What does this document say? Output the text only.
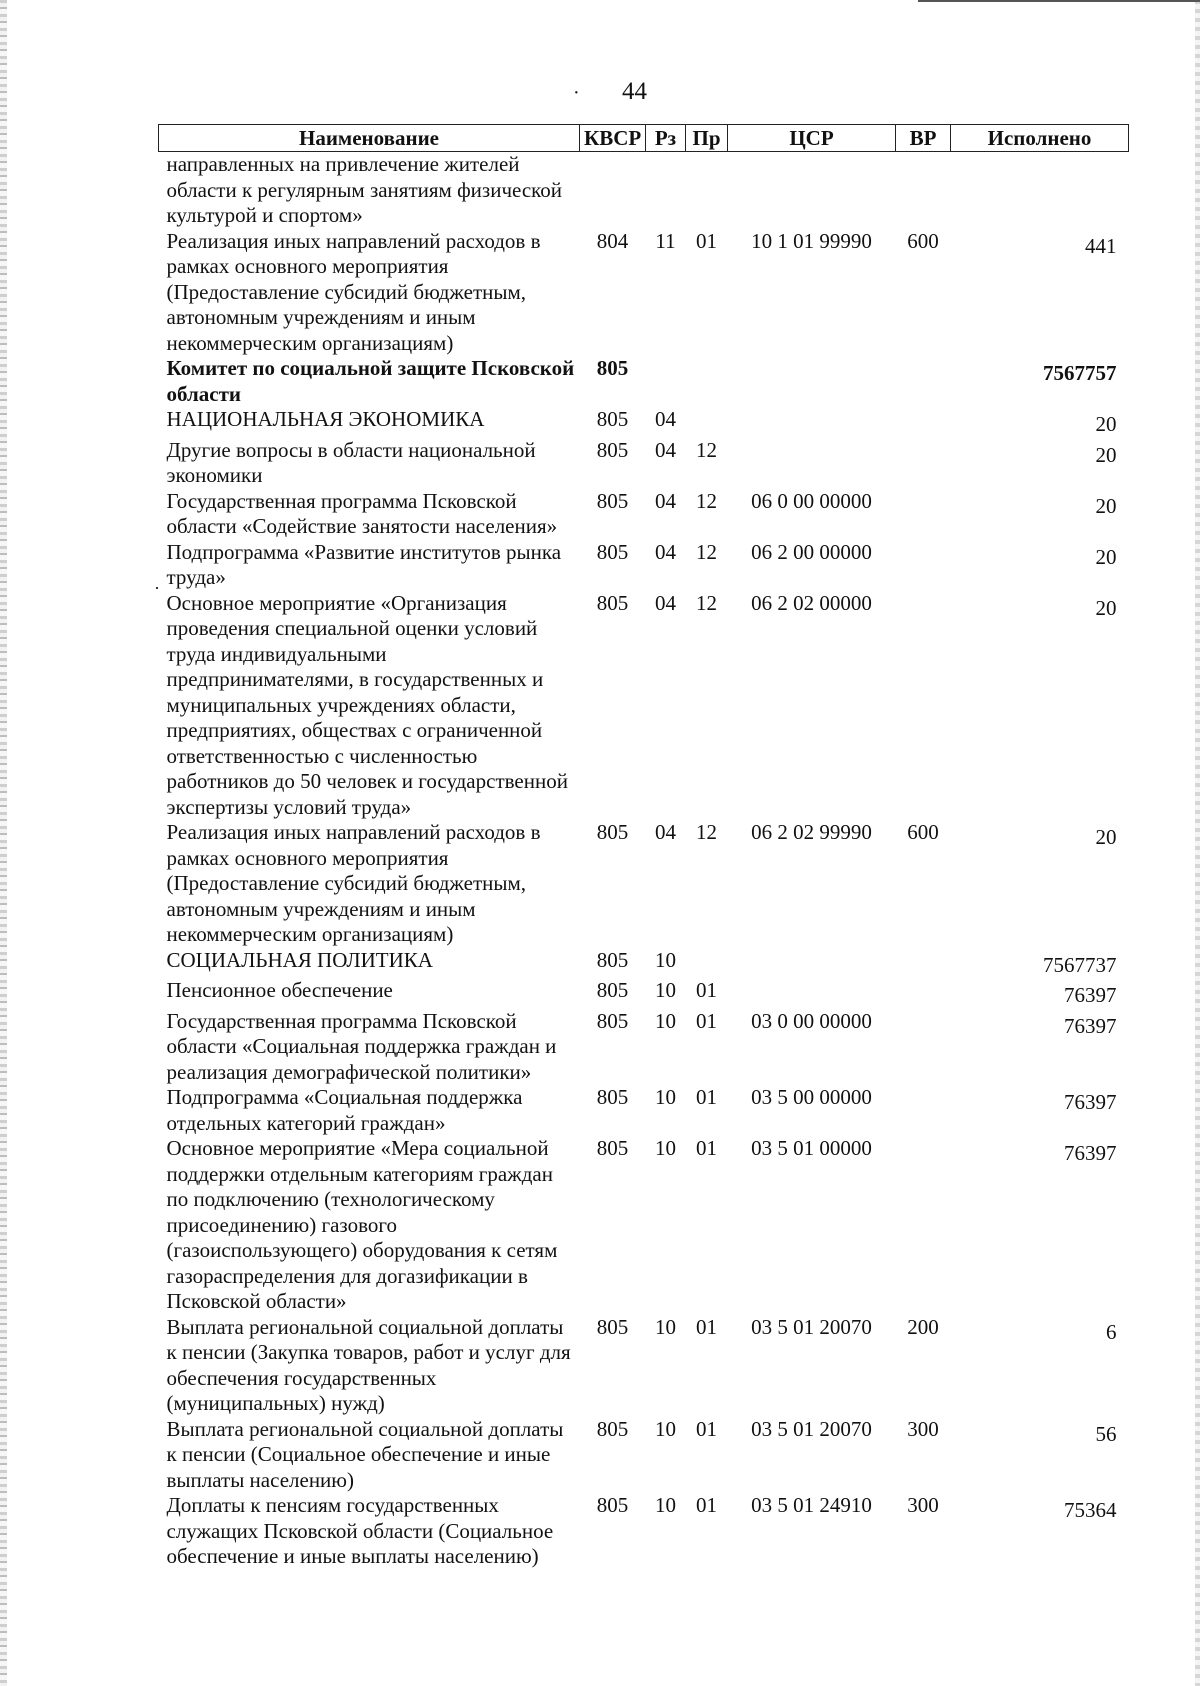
· 44
·
Наименование	КВСР	Рз	Пр	ЦСР	ВР	Исполнено
направленных на привлечение жителей области к регулярным занятиям физической культурой и спортом»						
Реализация иных направлений расходов в рамках основного мероприятия (Предоставление субсидий бюджетным, автономным учреждениям и иным некоммерческим организациям)	804	11	01	10 1 01 99990	600	441
Комитет по социальной защите Псковской области	805					7567757
НАЦИОНАЛЬНАЯ ЭКОНОМИКА	805	04				20
Другие вопросы в области национальной экономики	805	04	12			20
Государственная программа Псковской области «Содействие занятости населения»	805	04	12	06 0 00 00000		20
Подпрограмма «Развитие институтов рынка труда»	805	04	12	06 2 00 00000		20
Основное мероприятие «Организация проведения специальной оценки условий труда индивидуальными предпринимателями, в государственных и муниципальных учреждениях области, предприятиях, обществах с ограниченной ответственностью с численностью работников до 50 человек и государственной экспертизы условий труда»	805	04	12	06 2 02 00000		20
Реализация иных направлений расходов в рамках основного мероприятия (Предоставление субсидий бюджетным, автономным учреждениям и иным некоммерческим организациям)	805	04	12	06 2 02 99990	600	20
СОЦИАЛЬНАЯ ПОЛИТИКА	805	10				7567737
Пенсионное обеспечение	805	10	01			76397
Государственная программа Псковской области «Социальная поддержка граждан и реализация демографической политики»	805	10	01	03 0 00 00000		76397
Подпрограмма «Социальная поддержка отдельных категорий граждан»	805	10	01	03 5 00 00000		76397
Основное мероприятие «Мера социальной поддержки отдельным категориям граждан по подключению (технологическому присоединению) газового (газоиспользующего) оборудования к сетям газораспределения для догазификации в Псковской области»	805	10	01	03 5 01 00000		76397
Выплата региональной социальной доплаты к пенсии (Закупка товаров, работ и услуг для обеспечения государственных (муниципальных) нужд)	805	10	01	03 5 01 20070	200	6
Выплата региональной социальной доплаты к пенсии (Социальное обеспечение и иные выплаты населению)	805	10	01	03 5 01 20070	300	56
Доплаты к пенсиям государственных служащих Псковской области (Социальное обеспечение и иные выплаты населению)	805	10	01	03 5 01 24910	300	75364
